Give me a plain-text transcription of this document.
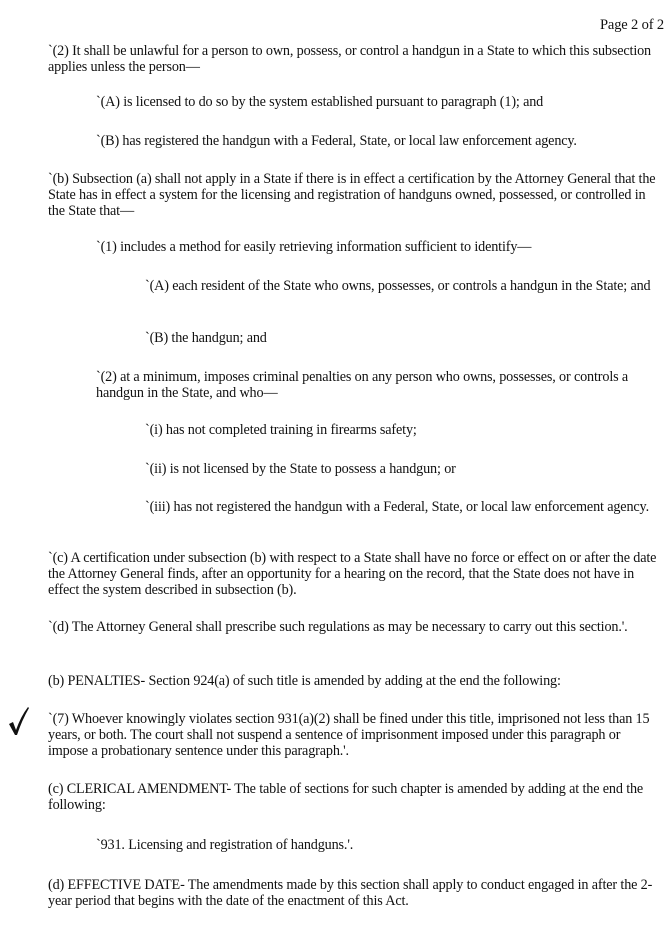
Page 2 of 2

`(2) It shall be unlawful for a person to own, possess, or control a handgun in a State to which this subsection applies unless the person—

`(A) is licensed to do so by the system established pursuant to paragraph (1); and

`(B) has registered the handgun with a Federal, State, or local law enforcement agency.

`(b) Subsection (a) shall not apply in a State if there is in effect a certification by the Attorney General that the State has in effect a system for the licensing and registration of handguns owned, possessed, or controlled in the State that—

`(1) includes a method for easily retrieving information sufficient to identify—

`(A) each resident of the State who owns, possesses, or controls a handgun in the State; and

`(B) the handgun; and

`(2) at a minimum, imposes criminal penalties on any person who owns, possesses, or controls a handgun in the State, and who—

`(i) has not completed training in firearms safety;

`(ii) is not licensed by the State to possess a handgun; or

`(iii) has not registered the handgun with a Federal, State, or local law enforcement agency.

`(c) A certification under subsection (b) with respect to a State shall have no force or effect on or after the date the Attorney General finds, after an opportunity for a hearing on the record, that the State does not have in effect the system described in subsection (b).

`(d) The Attorney General shall prescribe such regulations as may be necessary to carry out this section.'.

(b) PENALTIES- Section 924(a) of such title is amended by adding at the end the following:

`(7) Whoever knowingly violates section 931(a)(2) shall be fined under this title, imprisoned not less than 15 years, or both. The court shall not suspend a sentence of imprisonment imposed under this paragraph or impose a probationary sentence under this paragraph.'.

(c) CLERICAL AMENDMENT- The table of sections for such chapter is amended by adding at the end the following:

`931. Licensing and registration of handguns.'.

(d) EFFECTIVE DATE- The amendments made by this section shall apply to conduct engaged in after the 2-year period that begins with the date of the enactment of this Act.
